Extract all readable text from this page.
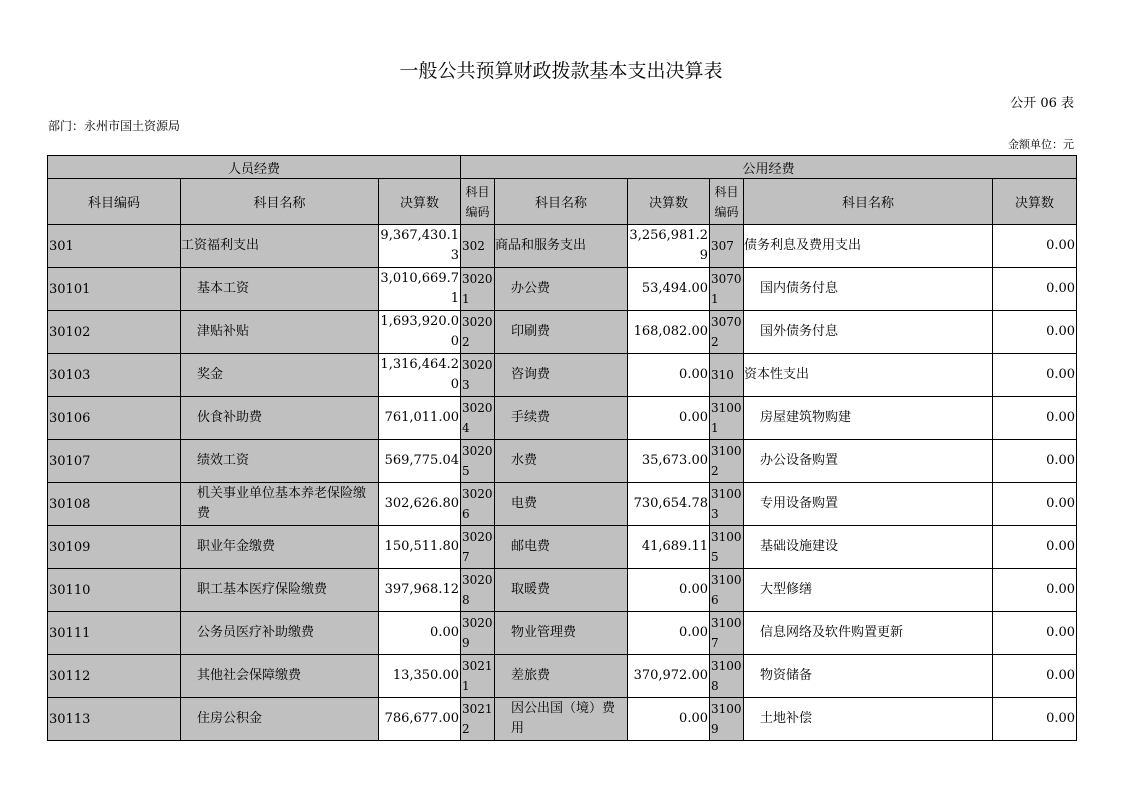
一般公共预算财政拨款基本支出决算表
公开 06 表
部门：永州市国土资源局
金额单位：元
人员经费			公用经费					
科目编码	科目名称	决算数	科目编码	科目名称	决算数	科目编码	科目名称	决算数
301	工资福利支出	9,367,430.13	302	商品和服务支出	3,256,981.29	307	债务利息及费用支出	0.00
30101	基本工资	3,010,669.71	30201	办公费	53,494.00	30701	国内债务付息	0.00
30102	津贴补贴	1,693,920.00	30202	印刷费	168,082.00	30702	国外债务付息	0.00
30103	奖金	1,316,464.20	30203	咨询费	0.00	310	资本性支出	0.00
30106	伙食补助费	761,011.00	30204	手续费	0.00	31001	房屋建筑物购建	0.00
30107	绩效工资	569,775.04	30205	水费	35,673.00	31002	办公设备购置	0.00
30108	机关事业单位基本养老保险缴费	302,626.80	30206	电费	730,654.78	31003	专用设备购置	0.00
30109	职业年金缴费	150,511.80	30207	邮电费	41,689.11	31005	基础设施建设	0.00
30110	职工基本医疗保险缴费	397,968.12	30208	取暖费	0.00	31006	大型修缮	0.00
30111	公务员医疗补助缴费	0.00	30209	物业管理费	0.00	31007	信息网络及软件购置更新	0.00
30112	其他社会保障缴费	13,350.00	30211	差旅费	370,972.00	31008	物资储备	0.00
30113	住房公积金	786,677.00	30212	因公出国（境）费用	0.00	31009	土地补偿	0.00
